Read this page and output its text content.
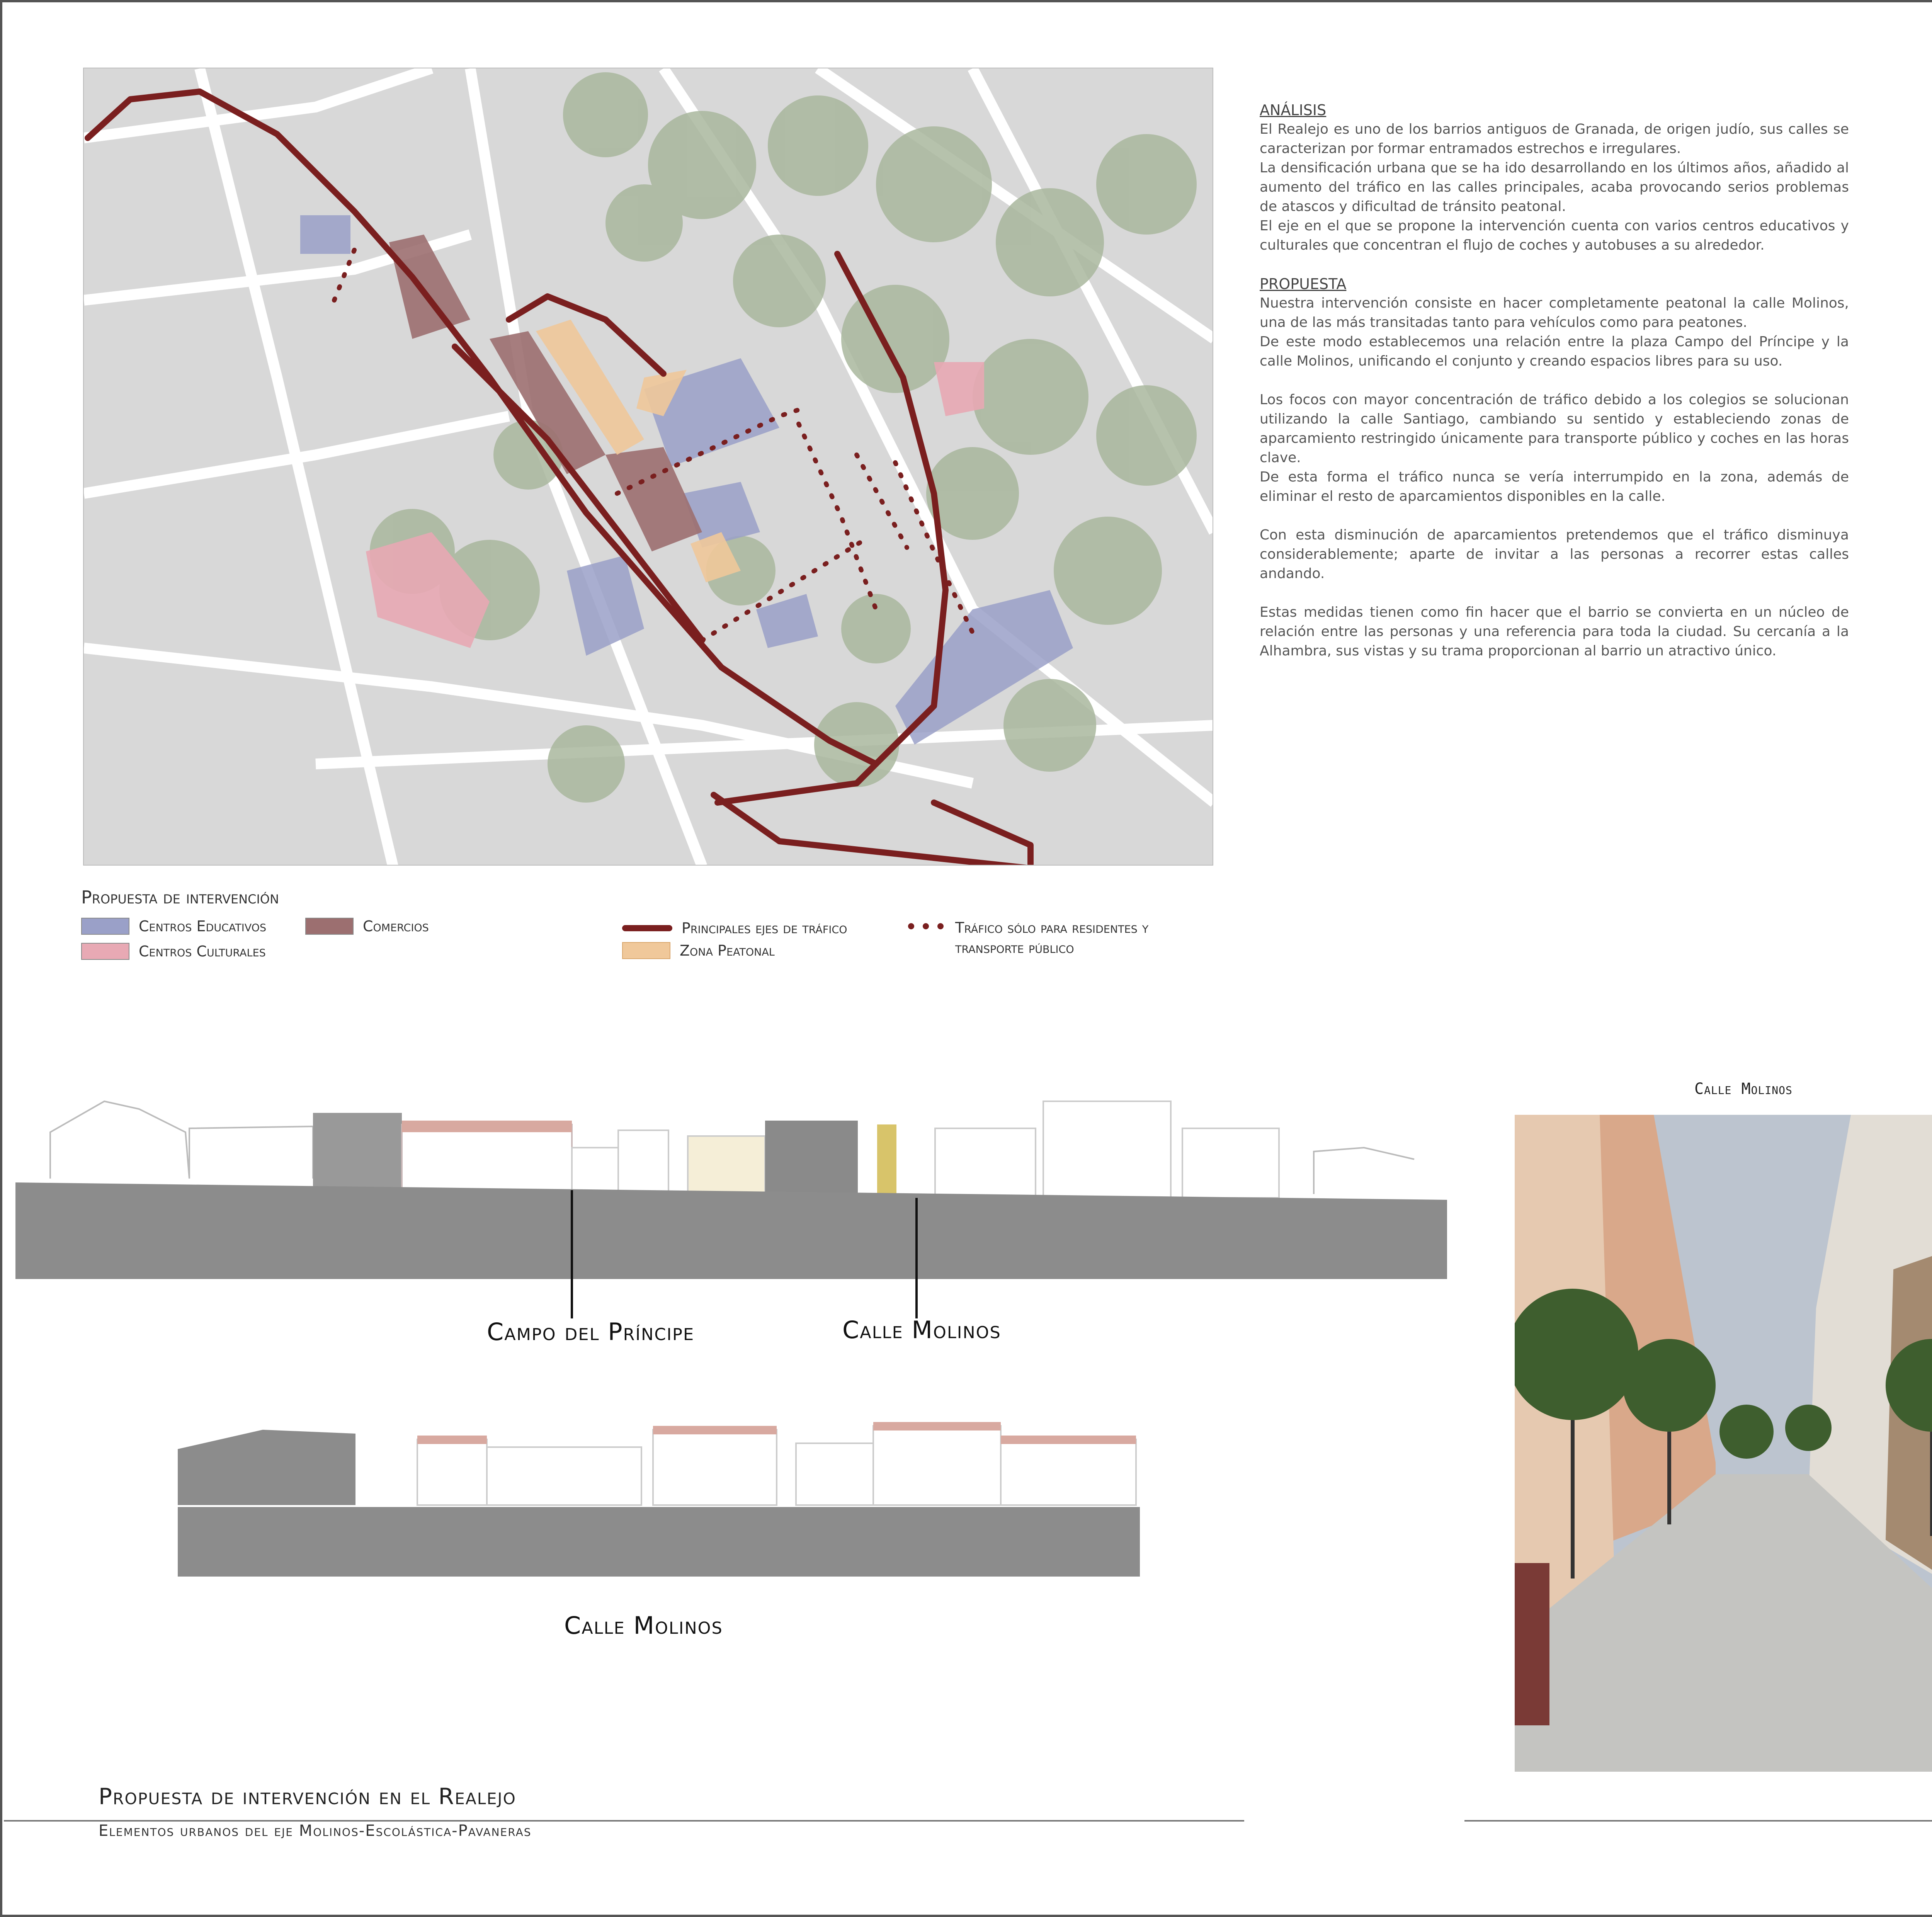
ANÁLISIS

El Realejo es uno de los barrios antiguos de Granada, de origen judío, sus calles se caracterizan por formar entramados estrechos e irregulares.

La densificación urbana que se ha ido desarrollando en los últimos años, añadido al aumento del tráfico en las calles principales, acaba provocando serios problemas de atascos y dificultad de tránsito peatonal.

El eje en el que se propone la intervención cuenta con varios centros educativos y culturales que concentran el flujo de coches y autobuses a su alrededor.

PROPUESTA

Nuestra intervención consiste en hacer completamente peatonal la calle Molinos, una de las más transitadas tanto para vehículos como para peatones.

De este modo establecemos una relación entre la plaza Campo del Príncipe y la calle Molinos, unificando el conjunto y creando espacios libres para su uso.

Los focos con mayor concentración de tráfico debido a los colegios se solucionan utilizando la calle Santiago, cambiando su sentido y estableciendo zonas de aparcamiento restringido únicamente para transporte público y coches en las horas clave.

De esta forma el tráfico nunca se vería interrumpido en la zona, además de eliminar el resto de aparcamientos disponibles en la calle.

Con esta disminución de aparcamientos pretendemos que el tráfico disminuya considerablemente; aparte de invitar a las personas a recorrer estas calles andando.

Estas medidas tienen como fin hacer que el barrio se convierta en un núcleo de relación entre las personas y una referencia para toda la ciudad. Su cercanía a la Alhambra, sus vistas y su trama proporcionan al barrio un atractivo único.

Propuesta de intervención
Centros Educativos
Centros Culturales
Comercios	Principales ejes de tráfico
Zona Peatonal
Tráfico sólo para residentes y
transporte público
Campo del Príncipe	Calle Molinos
Calle Molinos
Calle Molinos
Propuesta de intervención en el Realejo
Elementos urbanos del eje Molinos-Escolástica-Pavaneras
